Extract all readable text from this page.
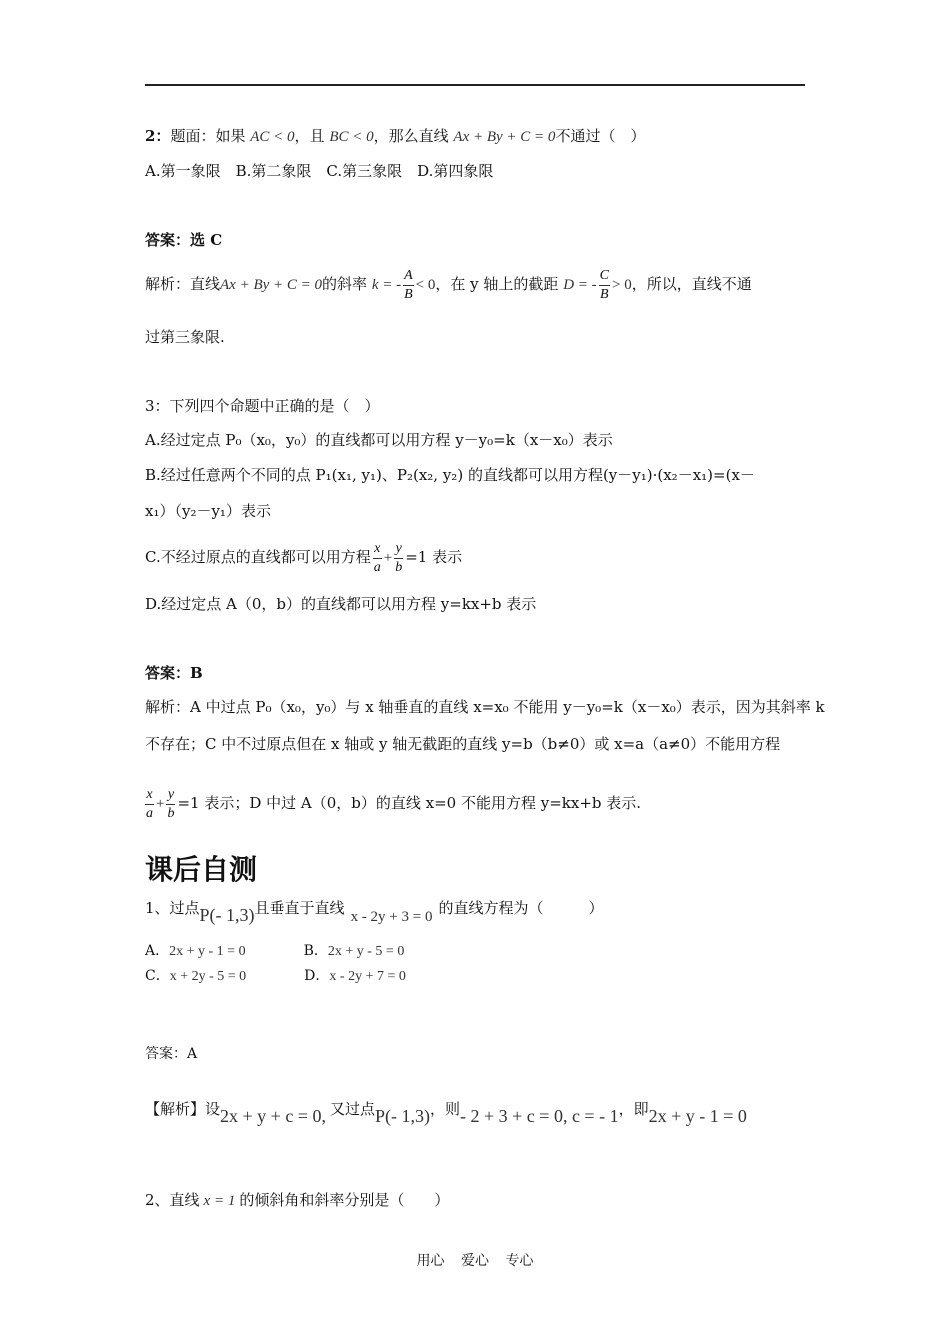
2：题面：如果 AC < 0，且 BC < 0，那么直线 Ax + By + C = 0不通过（　）
A.第一象限　B.第二象限　C.第三象限　D.第四象限
答案：选 C
解析：直线Ax + By + C = 0的斜率 k = - $\frac{A}{B} < 0$，在 y 轴上的截距 D = - $\frac{C}{B} > 0$，所以，直线不通
过第三象限.
3：下列四个命题中正确的是（　）
A.经过定点 P₀（x₀，y₀）的直线都可以用方程 y－y₀=k（x－x₀）表示
B.经过任意两个不同的点 P₁(x₁, y₁)、P₂(x₂, y₂) 的直线都可以用方程(y－y₁)·(x₂－x₁)=(x－
x₁）（y₂－y₁）表示
C.不经过原点的直线都可以用方程 $\frac{x}{a} + \frac{y}{b} =1$ 表示
D.经过定点 A（0，b）的直线都可以用方程 y=kx+b 表示
答案：B
解析：A 中过点 P₀（x₀，y₀）与 x 轴垂直的直线 x=x₀ 不能用 y－y₀=k（x－x₀）表示，因为其斜率 k
不存在；C 中不过原点但在 x 轴或 y 轴无截距的直线 y=b（b≠0）或 x=a（a≠0）不能用方程
$\frac{x}{a} + \frac{y}{b} =1$ 表示；D 中过 A（0，b）的直线 x=0 不能用方程 y=kx+b 表示.
课后自测
1、过点P(- 1,3)且垂直于直线 x - 2y + 3 = 0 的直线方程为（　　　）
A．2x + y - 1 = 0	B．2x + y - 5 = 0
C．x + 2y - 5 = 0	D．x - 2y + 7 = 0
答案：A
【解析】设2x + y + c = 0, 又过点P(- 1,3)，则- 2 + 3 + c = 0, c = - 1，即2x + y - 1 = 0
2、直线 x = 1 的倾斜角和斜率分别是（　　）
用心 爱心 专心
